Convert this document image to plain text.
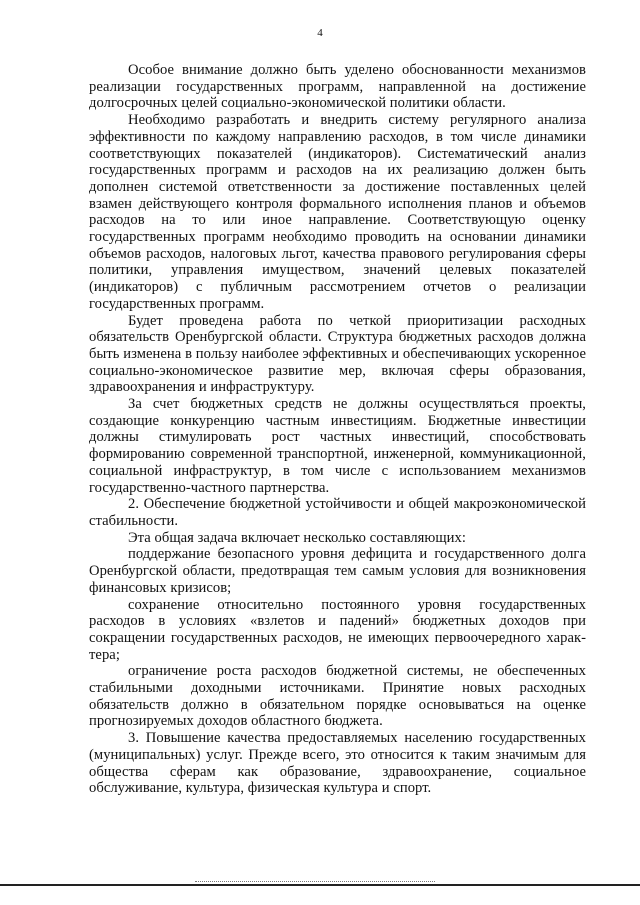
4

Особое внимание должно быть уделено обоснованности механизмов реализации государственных программ, направленной на достижение долгосрочных целей социально-экономической политики области.

Необходимо разработать и внедрить систему регулярного анализа эффективности по каждому направлению расходов, в том числе динамики соответствующих показателей (индикаторов). Систематический анализ государственных программ и расходов на их реализацию должен быть дополнен системой ответственности за достижение поставленных целей взамен действующего контроля формального исполнения планов и объемов расходов на то или иное направление. Соответствующую оценку государственных программ необходимо проводить на основании динамики объемов расходов, налоговых льгот, качества правового регулирования сферы политики, управления имуществом, значений целевых показателей (индикаторов) с публичным рассмотрением отчетов о реализации государственных программ.

Будет проведена работа по четкой приоритизации расходных обязательств Оренбургской области. Структура бюджетных расходов должна быть изменена в пользу наиболее эффективных и обеспечивающих ускоренное социально-экономическое развитие мер, включая сферы образования, здравоохранения и инфраструктуру.

За счет бюджетных средств не должны осуществляться проекты, создающие конкуренцию частным инвестициям. Бюджетные инвестиции должны стимулировать рост частных инвестиций, способствовать формированию современной транспортной, инженерной, коммуникационной, социальной инфраструктур, в том числе с использованием механизмов государственно-частного партнерства.

2. Обеспечение бюджетной устойчивости и общей макроэкономической стабильности.

Эта общая задача включает несколько составляющих:

поддержание безопасного уровня дефицита и государственного долга Оренбургской области, предотвращая тем самым условия для возникновения финансовых кризисов;

сохранение относительно постоянного уровня государственных расходов в условиях «взлетов и падений» бюджетных доходов при сокращении государственных расходов, не имеющих первоочередного характера;

ограничение роста расходов бюджетной системы, не обеспеченных стабильными доходными источниками. Принятие новых расходных обязательств должно в обязательном порядке основываться на оценке прогнозируемых доходов областного бюджета.

3. Повышение качества предоставляемых населению государственных (муниципальных) услуг. Прежде всего, это относится к таким значимым для общества сферам как образование, здравоохранение, социальное обслуживание, культура, физическая культура и спорт.
